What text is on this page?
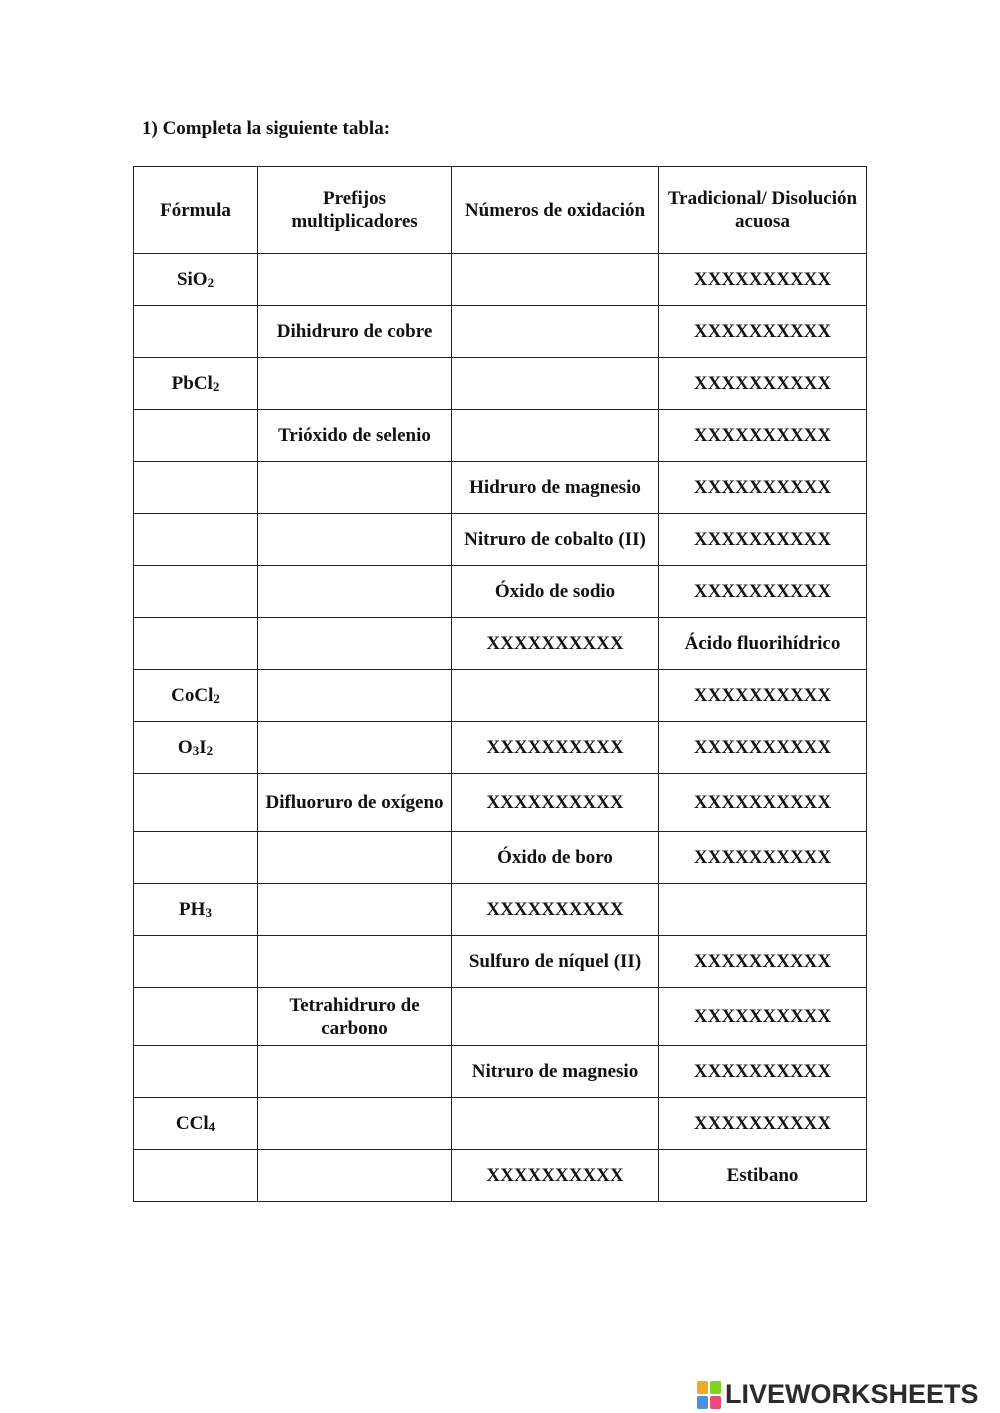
1) Completa la siguiente tabla:
Fórmula	Prefijos multiplicadores	Números de oxidación	Tradicional/ Disolución acuosa
SiO$_2$			XXXXXXXXXX
	Dihidruro de cobre		XXXXXXXXXX
PbCl$_2$			XXXXXXXXXX
	Trióxido de selenio		XXXXXXXXXX
		Hidruro de magnesio	XXXXXXXXXX
		Nitruro de cobalto (II)	XXXXXXXXXX
		Óxido de sodio	XXXXXXXXXX
		XXXXXXXXXX	Ácido fluorihídrico
CoCl$_2$			XXXXXXXXXX
$O_3I_2$		XXXXXXXXXX	XXXXXXXXXX
	Difluoruro de oxígeno	XXXXXXXXXX	XXXXXXXXXX
		Óxido de boro	XXXXXXXXXX
$PH_3$		XXXXXXXXXX	
		Sulfuro de níquel (II)	XXXXXXXXXX
	Tetrahidruro de carbono		XXXXXXXXXX
		Nitruro de magnesio	XXXXXXXXXX
CCl$_4$			XXXXXXXXXX
		XXXXXXXXXX	Estibano
LIVEWORKSHEETS
